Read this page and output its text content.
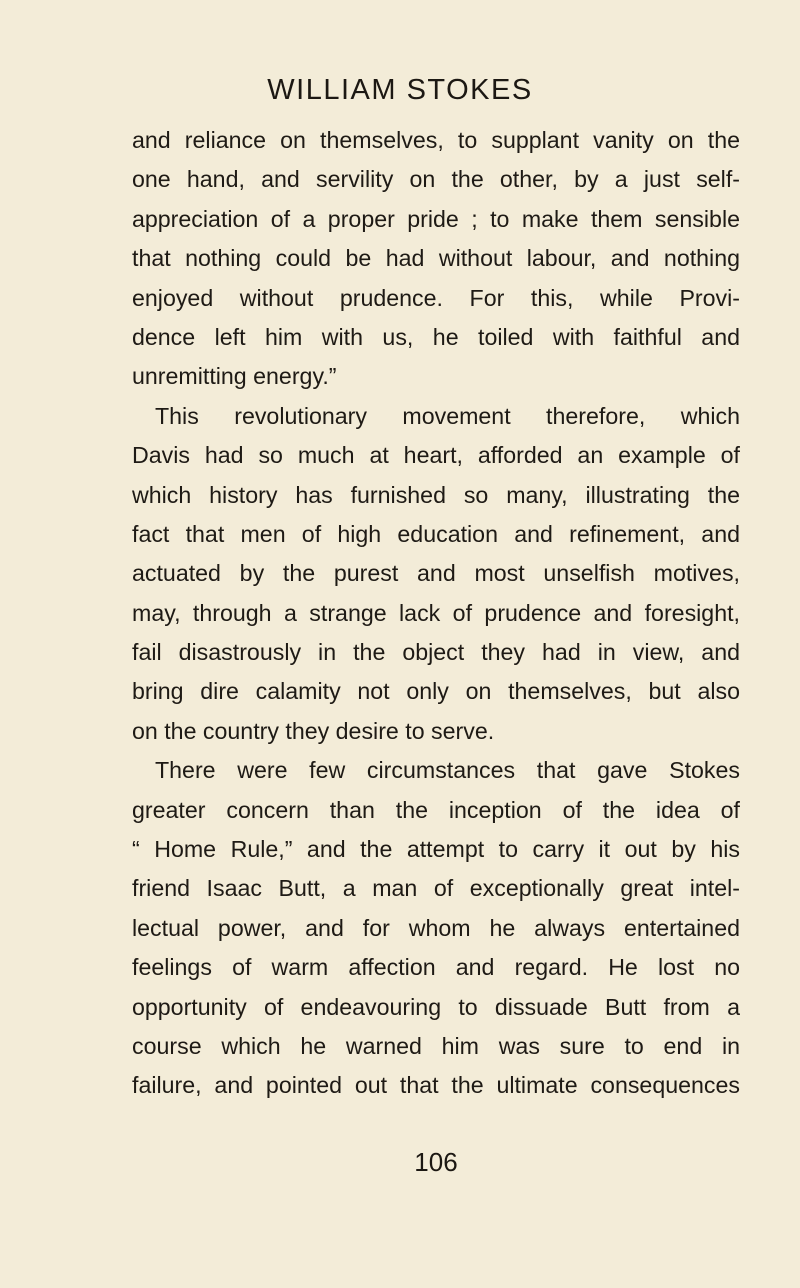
WILLIAM STOKES
and reliance on themselves, to supplant vanity on the
one hand, and servility on the other, by a just self-
appreciation of a proper pride ; to make them sensible
that nothing could be had without labour, and nothing
enjoyed without prudence. For this, while Provi-
dence left him with us, he toiled with faithful and
unremitting energy.”
This revolutionary movement therefore, which
Davis had so much at heart, afforded an example of
which history has furnished so many, illustrating the
fact that men of high education and refinement, and
actuated by the purest and most unselfish motives,
may, through a strange lack of prudence and foresight,
fail disastrously in the object they had in view, and
bring dire calamity not only on themselves, but also
on the country they desire to serve.
There were few circumstances that gave Stokes
greater concern than the inception of the idea of
“ Home Rule,” and the attempt to carry it out by his
friend Isaac Butt, a man of exceptionally great intel-
lectual power, and for whom he always entertained
feelings of warm affection and regard. He lost no
opportunity of endeavouring to dissuade Butt from a
course which he warned him was sure to end in
failure, and pointed out that the ultimate consequences
106
